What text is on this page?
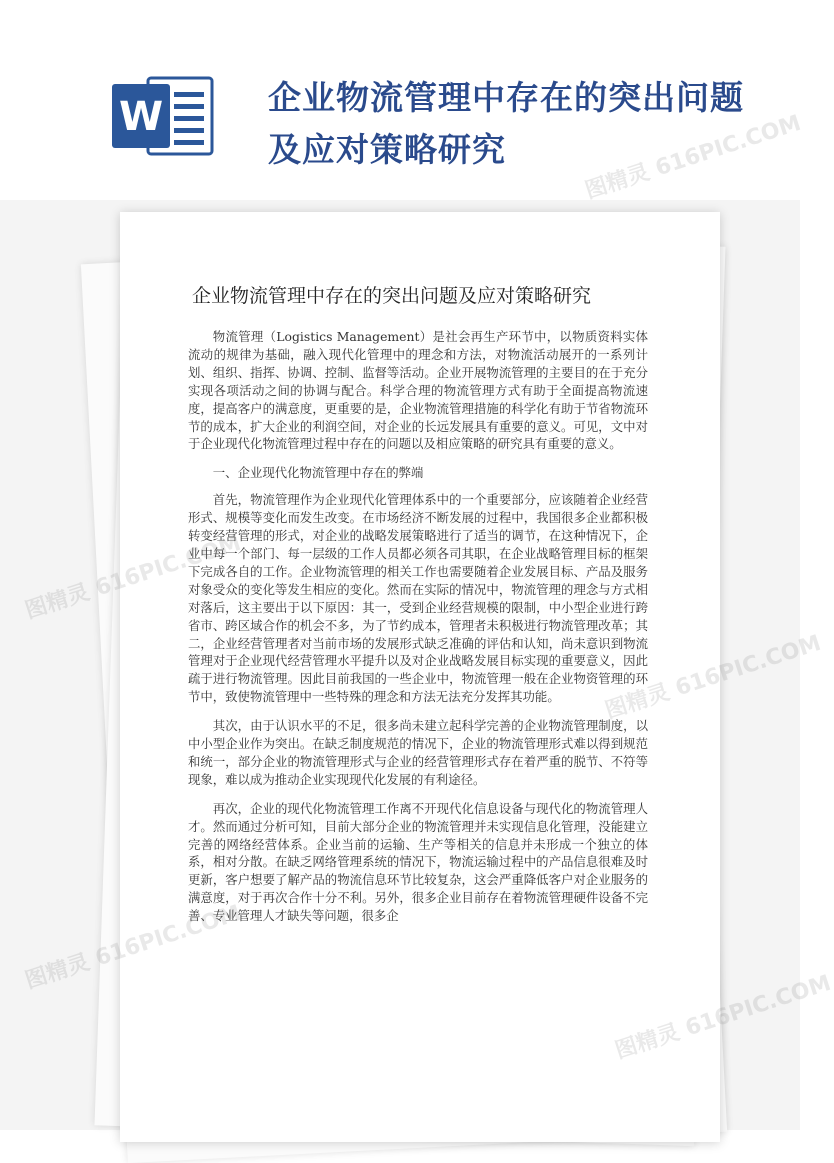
W	企业物流管理中存在的突出问题及应对策略研究
企业物流管理中存在的突出问题及应对策略研究

物流管理（Logistics Management）是社会再生产环节中，以物质资料实体流动的规律为基础，融入现代化管理中的理念和方法，对物流活动展开的一系列计划、组织、指挥、协调、控制、监督等活动。企业开展物流管理的主要目的在于充分实现各项活动之间的协调与配合。科学合理的物流管理方式有助于全面提高物流速度，提高客户的满意度，更重要的是，企业物流管理措施的科学化有助于节省物流环节的成本，扩大企业的利润空间，对企业的长远发展具有重要的意义。可见，文中对于企业现代化物流管理过程中存在的问题以及相应策略的研究具有重要的意义。

一、企业现代化物流管理中存在的弊端

首先，物流管理作为企业现代化管理体系中的一个重要部分，应该随着企业经营形式、规模等变化而发生改变。在市场经济不断发展的过程中，我国很多企业都积极转变经营管理的形式，对企业的战略发展策略进行了适当的调节，在这种情况下，企业中每一个部门、每一层级的工作人员都必须各司其职，在企业战略管理目标的框架下完成各自的工作。企业物流管理的相关工作也需要随着企业发展目标、产品及服务对象受众的变化等发生相应的变化。然而在实际的情况中，物流管理的理念与方式相对落后，这主要出于以下原因：其一，受到企业经营规模的限制，中小型企业进行跨省市、跨区域合作的机会不多，为了节约成本，管理者未积极进行物流管理改革；其二，企业经营管理者对当前市场的发展形式缺乏准确的评估和认知，尚未意识到物流管理对于企业现代经营管理水平提升以及对企业战略发展目标实现的重要意义，因此疏于进行物流管理。因此目前我国的一些企业中，物流管理一般在企业物资管理的环节中，致使物流管理中一些特殊的理念和方法无法充分发挥其功能。

其次，由于认识水平的不足，很多尚未建立起科学完善的企业物流管理制度，以中小型企业作为突出。在缺乏制度规范的情况下，企业的物流管理形式难以得到规范和统一，部分企业的物流管理形式与企业的经营管理形式存在着严重的脱节、不符等现象，难以成为推动企业实现现代化发展的有利途径。

再次，企业的现代化物流管理工作离不开现代化信息设备与现代化的物流管理人才。然而通过分析可知，目前大部分企业的物流管理并未实现信息化管理，没能建立完善的网络经营体系。企业当前的运输、生产等相关的信息并未形成一个独立的体系，相对分散。在缺乏网络管理系统的情况下，物流运输过程中的产品信息很难及时更新，客户想要了解产品的物流信息环节比较复杂，这会严重降低客户对企业服务的满意度，对于再次合作十分不利。另外，很多企业目前存在着物流管理硬件设备不完善、专业管理人才缺失等问题，很多企
